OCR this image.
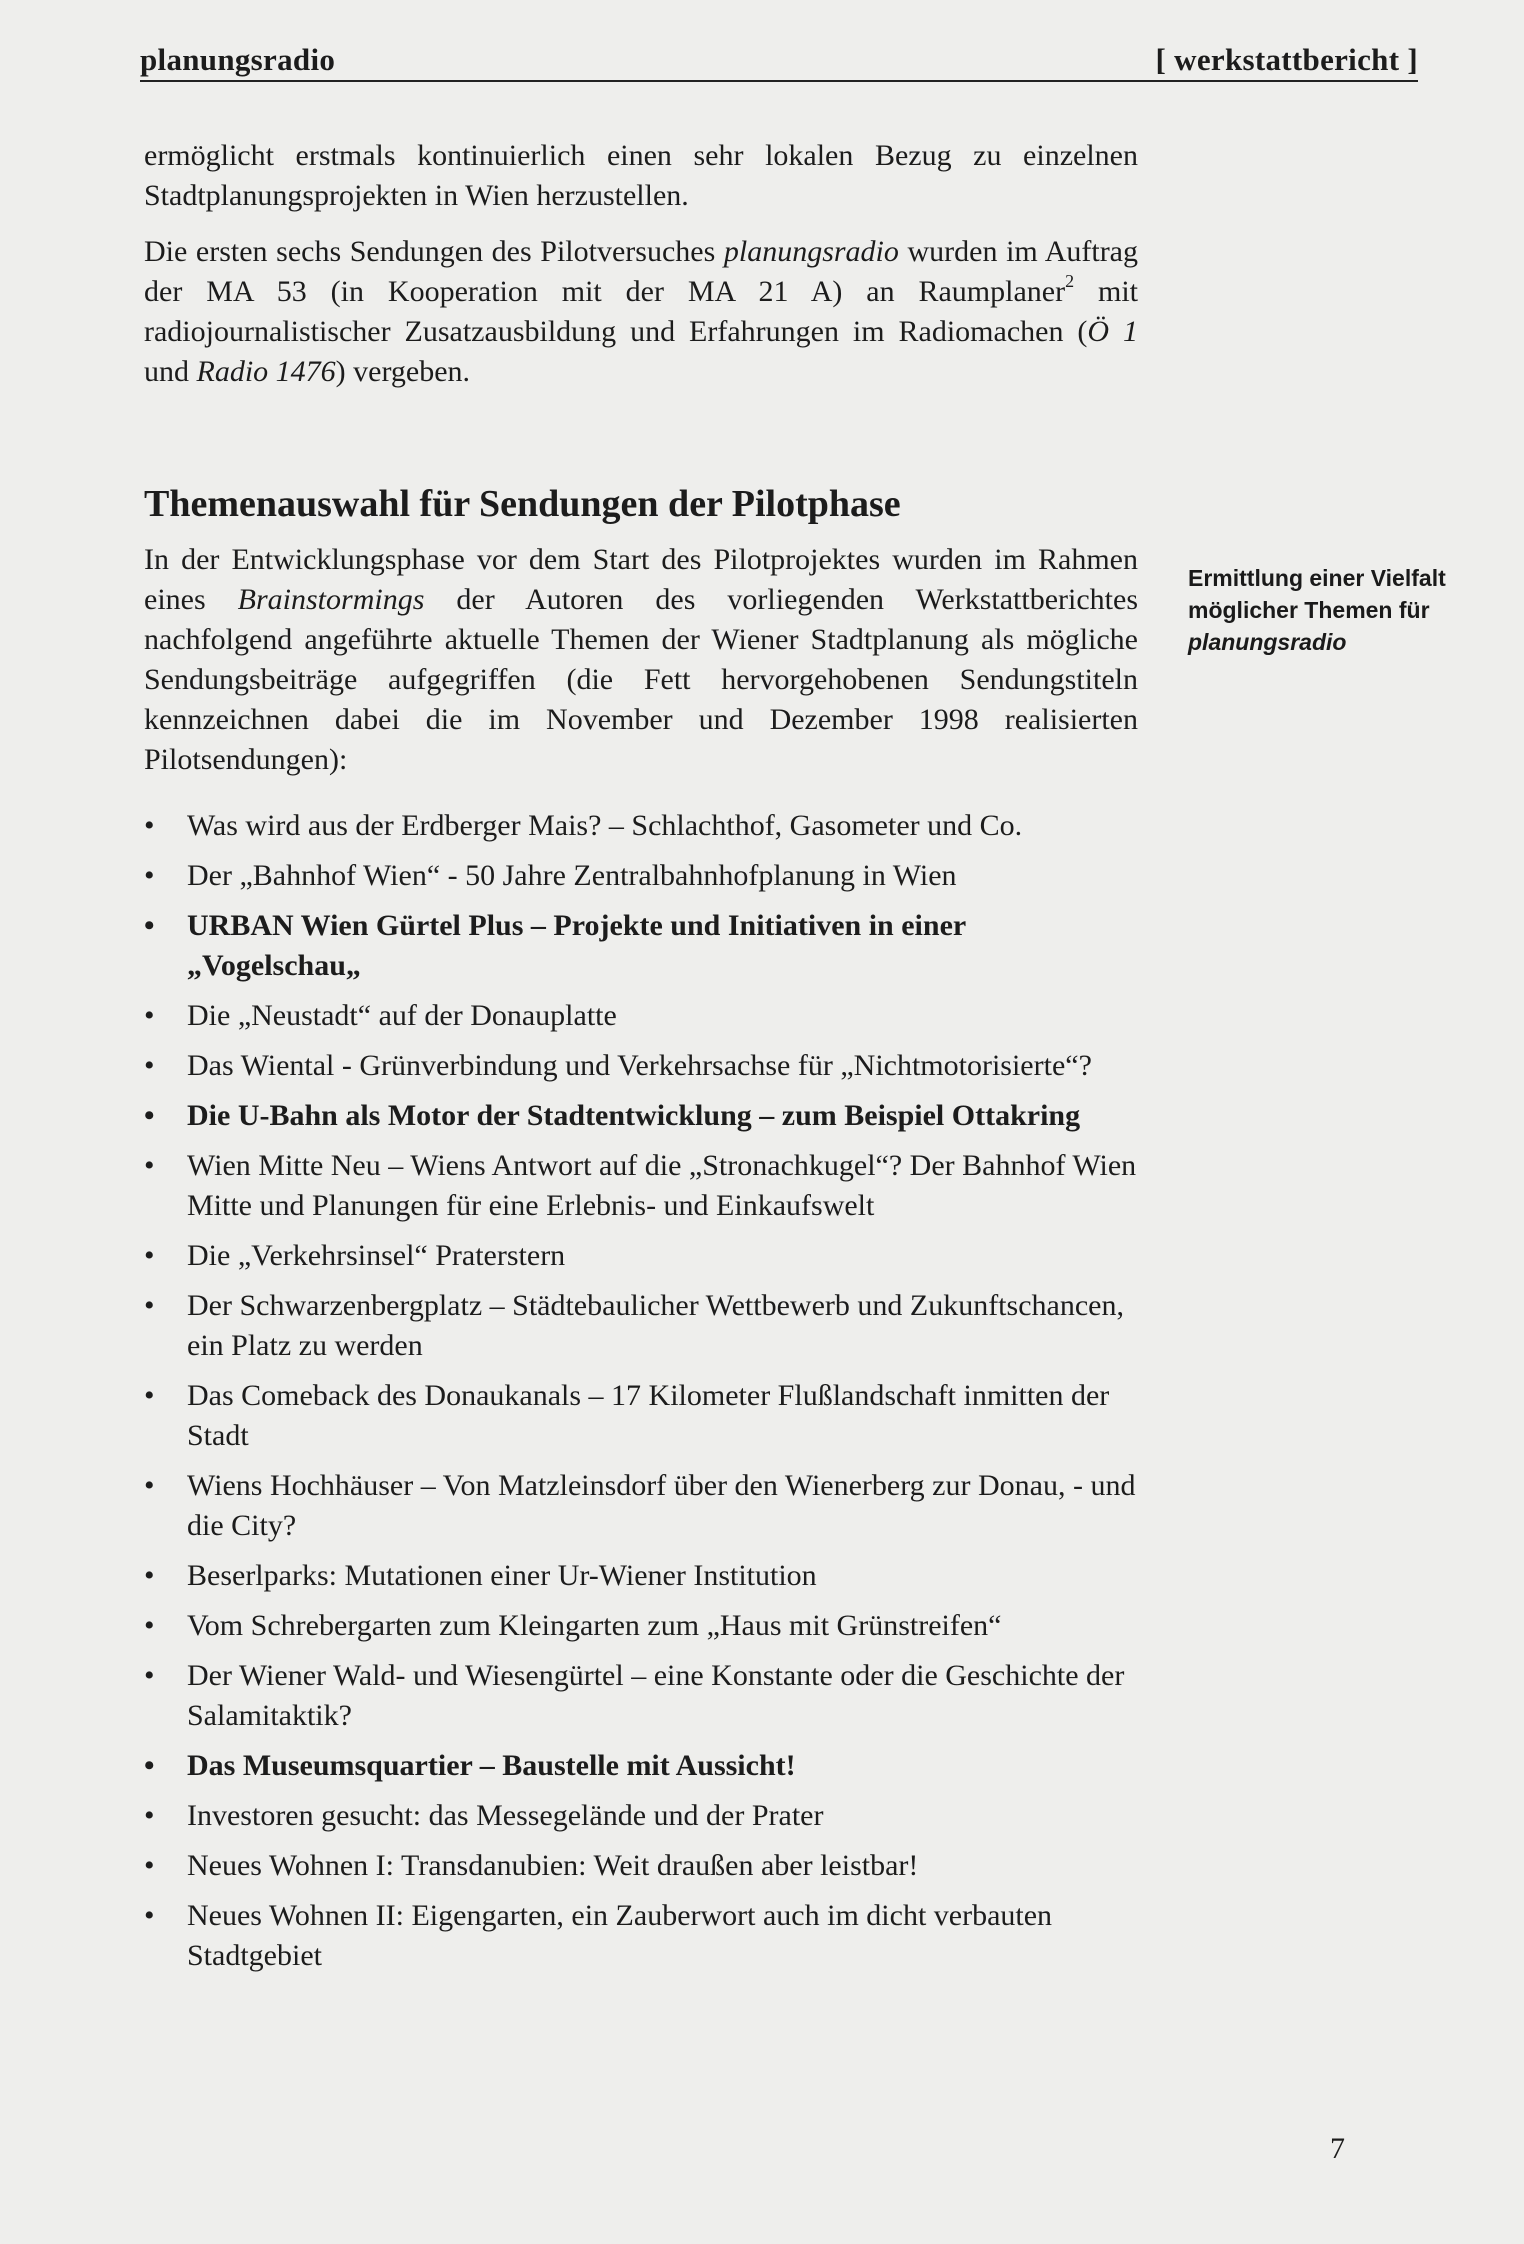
planungsradio	[ werkstattbericht ]

ermöglicht erstmals kontinuierlich einen sehr lokalen Bezug zu einzelnen Stadtplanungsprojekten in Wien herzustellen.

Die ersten sechs Sendungen des Pilotversuches planungsradio wurden im Auftrag der MA 53 (in Kooperation mit der MA 21 A) an Raumplaner$^2$ mit radiojournalistischer Zusatzausbildung und Erfahrungen im Radiomachen (Ö 1 und Radio 1476) vergeben.

Themenauswahl für Sendungen der Pilotphase

In der Entwicklungsphase vor dem Start des Pilotprojektes wurden im Rahmen eines Brainstormings der Autoren des vorliegenden Werkstattberichtes nachfolgend angeführte aktuelle Themen der Wiener Stadtplanung als mögliche Sendungsbeiträge aufgegriffen (die Fett hervorgehobenen Sendungstiteln kennzeichnen dabei die im November und Dezember 1998 realisierten Pilotsendungen):

• Was wird aus der Erdberger Mais? – Schlachthof, Gasometer und Co.
• Der „Bahnhof Wien“ - 50 Jahre Zentralbahnhofplanung in Wien
• URBAN Wien Gürtel Plus – Projekte und Initiativen in einer „Vogelschau„
• Die „Neustadt“ auf der Donauplatte
• Das Wiental - Grünverbindung und Verkehrsachse für „Nichtmotorisierte“?
• Die U-Bahn als Motor der Stadtentwicklung – zum Beispiel Ottakring
• Wien Mitte Neu – Wiens Antwort auf die „Stronachkugel“? Der Bahnhof Wien Mitte und Planungen für eine Erlebnis- und Einkaufswelt
• Die „Verkehrsinsel“ Praterstern
• Der Schwarzenbergplatz – Städtebaulicher Wettbewerb und Zukunftschancen, ein Platz zu werden
• Das Comeback des Donaukanals – 17 Kilometer Flußlandschaft inmitten der Stadt
• Wiens Hochhäuser – Von Matzleinsdorf über den Wienerberg zur Donau, - und die City?
• Beserlparks: Mutationen einer Ur-Wiener Institution
• Vom Schrebergarten zum Kleingarten zum „Haus mit Grünstreifen“
• Der Wiener Wald- und Wiesengürtel – eine Konstante oder die Geschichte der Salamitaktik?
• Das Museumsquartier – Baustelle mit Aussicht!
• Investoren gesucht: das Messegelände und der Prater
• Neues Wohnen I: Transdanubien: Weit draußen aber leistbar!
• Neues Wohnen II: Eigengarten, ein Zauberwort auch im dicht verbauten Stadtgebiet
Ermittlung einer Vielfalt möglicher Themen für
planungsradio
7
